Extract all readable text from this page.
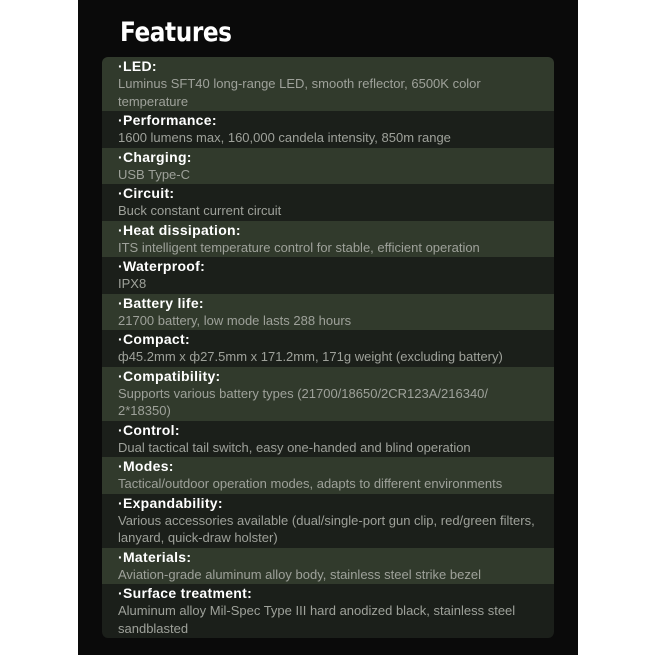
Features
·LED:
Luminus SFT40 long-range LED, smooth reflector, 6500K color temperature
·Performance:
1600 lumens max, 160,000 candela intensity, 850m range
·Charging:
USB Type-C
·Circuit:
Buck constant current circuit
·Heat dissipation:
ITS intelligent temperature control for stable, efficient operation
·Waterproof:
IPX8
·Battery life:
21700 battery, low mode lasts 288 hours
·Compact:
ф45.2mm x ф27.5mm x 171.2mm, 171g weight (excluding battery)
·Compatibility:
Supports various battery types (21700/18650/2CR123A/216340/ 2*18350)
·Control:
Dual tactical tail switch, easy one-handed and blind operation
·Modes:
Tactical/outdoor operation modes, adapts to different environments
·Expandability:
Various accessories available (dual/single-port gun clip, red/green filters, lanyard, quick-draw holster)
·Materials:
Aviation-grade aluminum alloy body, stainless steel strike bezel
·Surface treatment:
Aluminum alloy Mil-Spec Type III hard anodized black, stainless steel sandblasted
